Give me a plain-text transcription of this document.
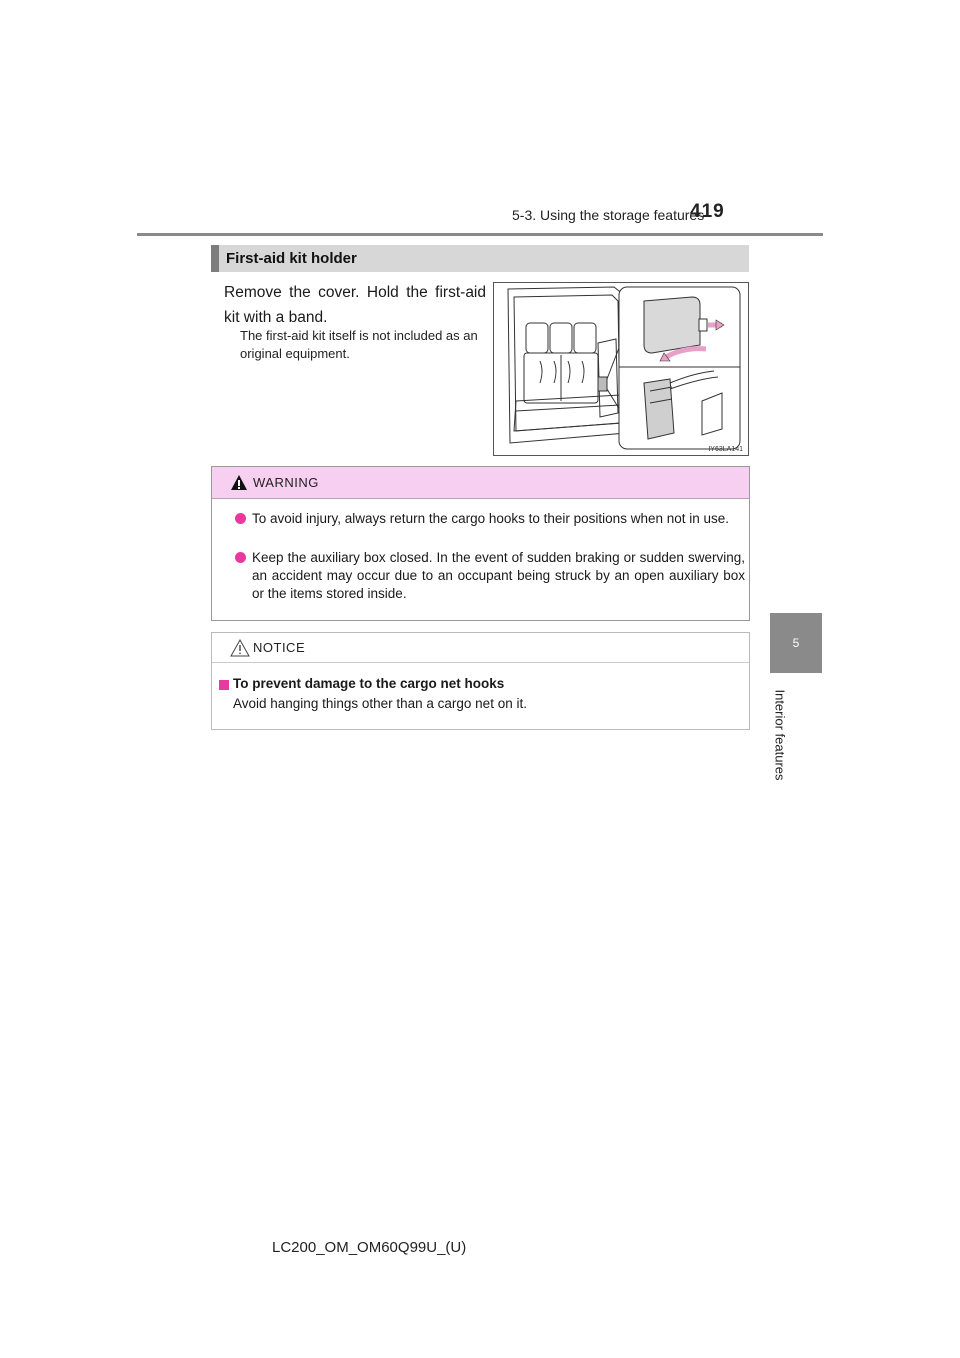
5-3. Using the storage features
419
5
Interior features
First-aid kit holder
Remove the cover. Hold the first-aid kit with a band.
The first-aid kit itself is not included as an original equipment.
IY63LA141
WARNING
To avoid injury, always return the cargo hooks to their positions when not in use.
Keep the auxiliary box closed. In the event of sudden braking or sudden swerving, an accident may occur due to an occupant being struck by an open auxiliary box or the items stored inside.
NOTICE
To prevent damage to the cargo net hooks
Avoid hanging things other than a cargo net on it.
LC200_OM_OM60Q99U_(U)
